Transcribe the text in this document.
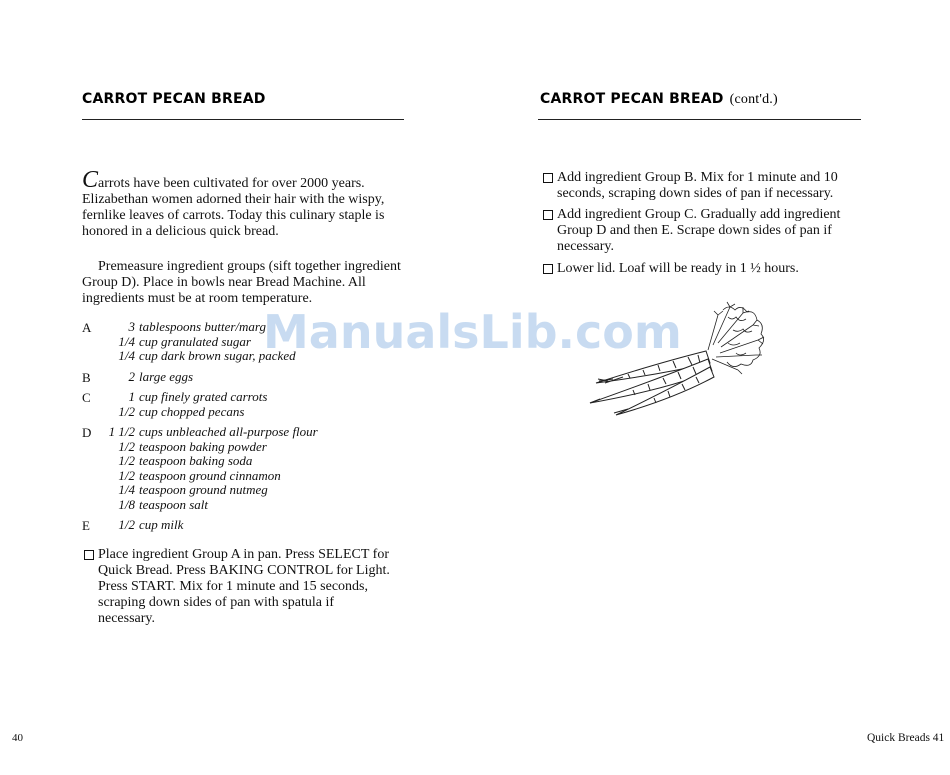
CARROT PECAN BREAD
Carrots have been cultivated for over 2000 years. Elizabethan women adorned their hair with the wispy, fernlike leaves of carrots. Today this culinary staple is honored in a delicious quick bread.
Premeasure ingredient groups (sift together ingredient Group D). Place in bowls near Bread Machine. All ingredients must be at room temperature.
A	3 tablespoons butter/marg
1/4 cup granulated sugar
1/4 cup dark brown sugar, packed
B	2 large eggs
C	1 cup finely grated carrots
1/2 cup chopped pecans
D 1 1/2 cups unbleached all-purpose flour
1/2 teaspoon baking powder
1/2 teaspoon baking soda
1/2 teaspoon ground cinnamon
1/4 teaspoon ground nutmeg
1/8 teaspoon salt
E 1/2 cup milk
Place ingredient Group A in pan. Press SELECT for Quick Bread. Press BAKING CONTROL for Light. Press START. Mix for 1 minute and 15 seconds, scraping down sides of pan with spatula if necessary.
40
CARROT PECAN BREAD (cont'd.)
Add ingredient Group B. Mix for 1 minute and 10 seconds, scraping down sides of pan if necessary.
Add ingredient Group C. Gradually add ingredient Group D and then E. Scrape down sides of pan if necessary.
Lower lid. Loaf will be ready in 1 ½ hours.
Quick Breads 41
ManualsLib.com
